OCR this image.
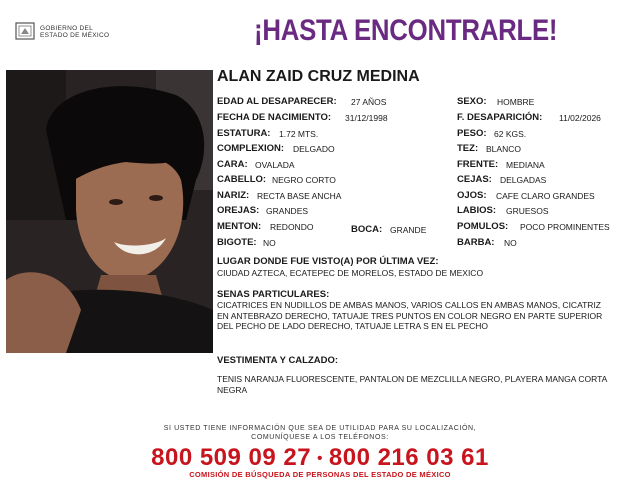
GOBIERNO DEL ESTADO DE MÉXICO	¡HASTA ENCONTRARLE!
ALAN ZAID CRUZ MEDINA
EDAD AL DESAPARECER: 27 AÑOS
FECHA DE NACIMIENTO: 31/12/1998
ESTATURA: 1.72 MTS.
COMPLEXION: DELGADO
CARA: OVALADA
CABELLO: NEGRO CORTO
NARIZ: RECTA BASE ANCHA
OREJAS: GRANDES
MENTON: REDONDO	BOCA: GRANDE
BIGOTE: NO
SEXO: HOMBRE
F. DESAPARICIÓN: 11/02/2026
PESO: 62 KGS.
TEZ: BLANCO
FRENTE: MEDIANA
CEJAS: DELGADAS
OJOS: CAFE CLARO GRANDES
LABIOS: GRUESOS
POMULOS: POCO PROMINENTES
BARBA: NO
LUGAR DONDE FUE VISTO(A) POR ÚLTIMA VEZ:
CIUDAD AZTECA, ECATEPEC DE MORELOS, ESTADO DE MEXICO
SENAS PARTICULARES:
CICATRICES EN NUDILLOS DE AMBAS MANOS, VARIOS CALLOS EN AMBAS MANOS, CICATRIZ EN ANTEBRAZO DERECHO, TATUAJE TRES PUNTOS EN COLOR NEGRO EN PARTE SUPERIOR DEL PECHO DE LADO DERECHO, TATUAJE LETRA S EN EL PECHO
VESTIMENTA Y CALZADO:
TENIS NARANJA FLUORESCENTE, PANTALON DE MEZCLILLA NEGRO, PLAYERA MANGA CORTA NEGRA
SI USTED TIENE INFORMACIÓN QUE SEA DE UTILIDAD PARA SU LOCALIZACIÓN,
COMUNÍQUESE A LOS TELÉFONOS:
800 509 09 27 • 800 216 03 61
COMISIÓN DE BÚSQUEDA DE PERSONAS DEL ESTADO DE MÉXICO
